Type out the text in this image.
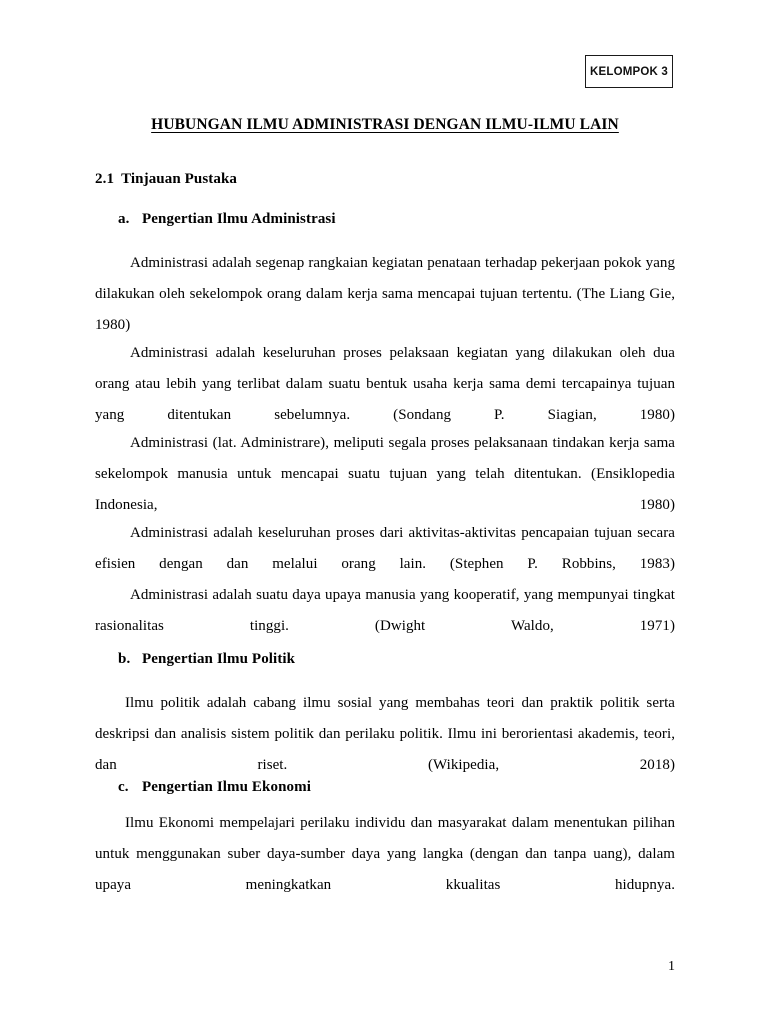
KELOMPOK 3
HUBUNGAN ILMU ADMINISTRASI DENGAN ILMU-ILMU LAIN
2.1 Tinjauan Pustaka
a. Pengertian Ilmu Administrasi

Administrasi adalah segenap rangkaian kegiatan penataan terhadap pekerjaan pokok yang dilakukan oleh sekelompok orang dalam kerja sama mencapai tujuan tertentu. (The Liang Gie, 1980)

Administrasi adalah keseluruhan proses pelaksaan kegiatan yang dilakukan oleh dua orang atau lebih yang terlibat dalam suatu bentuk usaha kerja sama demi tercapainya tujuan yang ditentukan sebelumnya. (Sondang P. Siagian, 1980)

Administrasi (lat. Administrare), meliputi segala proses pelaksanaan tindakan kerja sama sekelompok manusia untuk mencapai suatu tujuan yang telah ditentukan. (Ensiklopedia Indonesia, 1980)

Administrasi adalah keseluruhan proses dari aktivitas-aktivitas pencapaian tujuan secara efisien dengan dan melalui orang lain. (Stephen P. Robbins, 1983)

Administrasi adalah suatu daya upaya manusia yang kooperatif, yang mempunyai tingkat rasionalitas tinggi. (Dwight Waldo, 1971)

b. Pengertian Ilmu Politik

Ilmu politik adalah cabang ilmu sosial yang membahas teori dan praktik politik serta deskripsi dan analisis sistem politik dan perilaku politik. Ilmu ini berorientasi akademis, teori, dan riset. (Wikipedia, 2018)

c. Pengertian Ilmu Ekonomi

Ilmu Ekonomi mempelajari perilaku individu dan masyarakat dalam menentukan pilihan untuk menggunakan suber daya-sumber daya yang langka (dengan dan tanpa uang), dalam upaya meningkatkan kkualitas hidupnya.

1
